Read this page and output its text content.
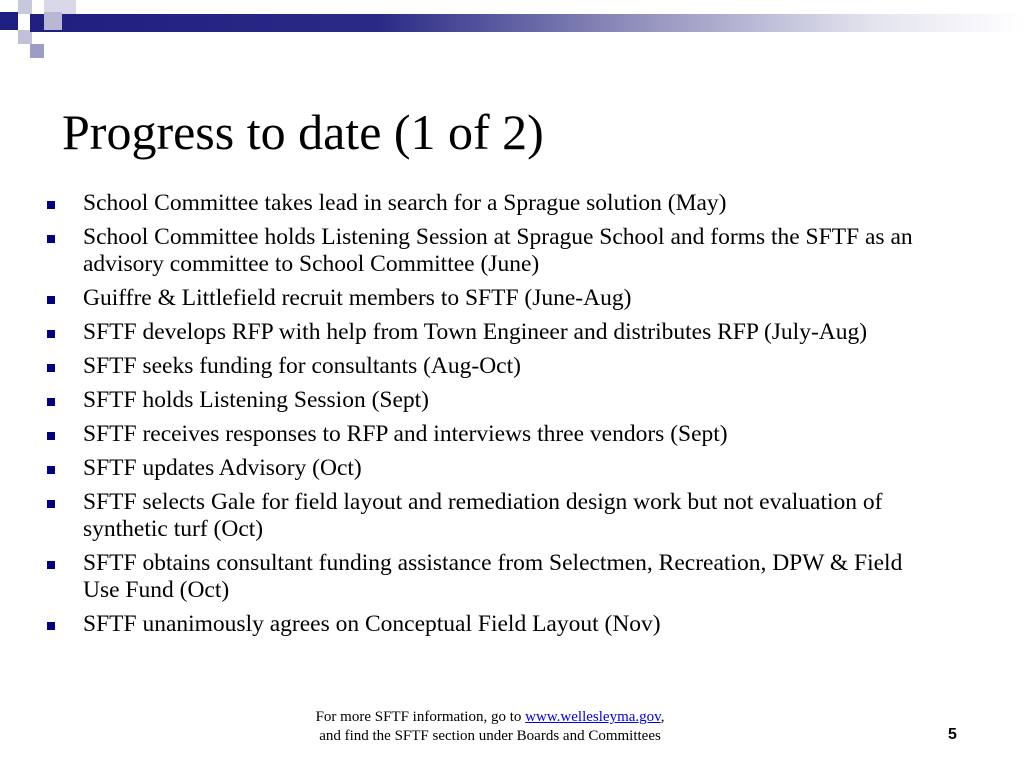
Progress to date (1 of 2)
School Committee takes lead in search for a Sprague solution (May)
School Committee holds Listening Session at Sprague School and forms the SFTF as an advisory committee to School Committee (June)
Guiffre & Littlefield recruit members to SFTF (June-Aug)
SFTF develops RFP with help from Town Engineer and distributes RFP (July-Aug)
SFTF seeks funding for consultants (Aug-Oct)
SFTF holds Listening Session (Sept)
SFTF receives responses to RFP and interviews three vendors (Sept)
SFTF updates Advisory (Oct)
SFTF selects Gale for field layout and remediation design work but not evaluation of synthetic turf (Oct)
SFTF obtains consultant funding assistance from Selectmen, Recreation, DPW & Field Use Fund (Oct)
SFTF unanimously agrees on Conceptual Field Layout (Nov)
For more SFTF information, go to www.wellesleyma.gov,
and find the SFTF section under Boards and Committees	5
